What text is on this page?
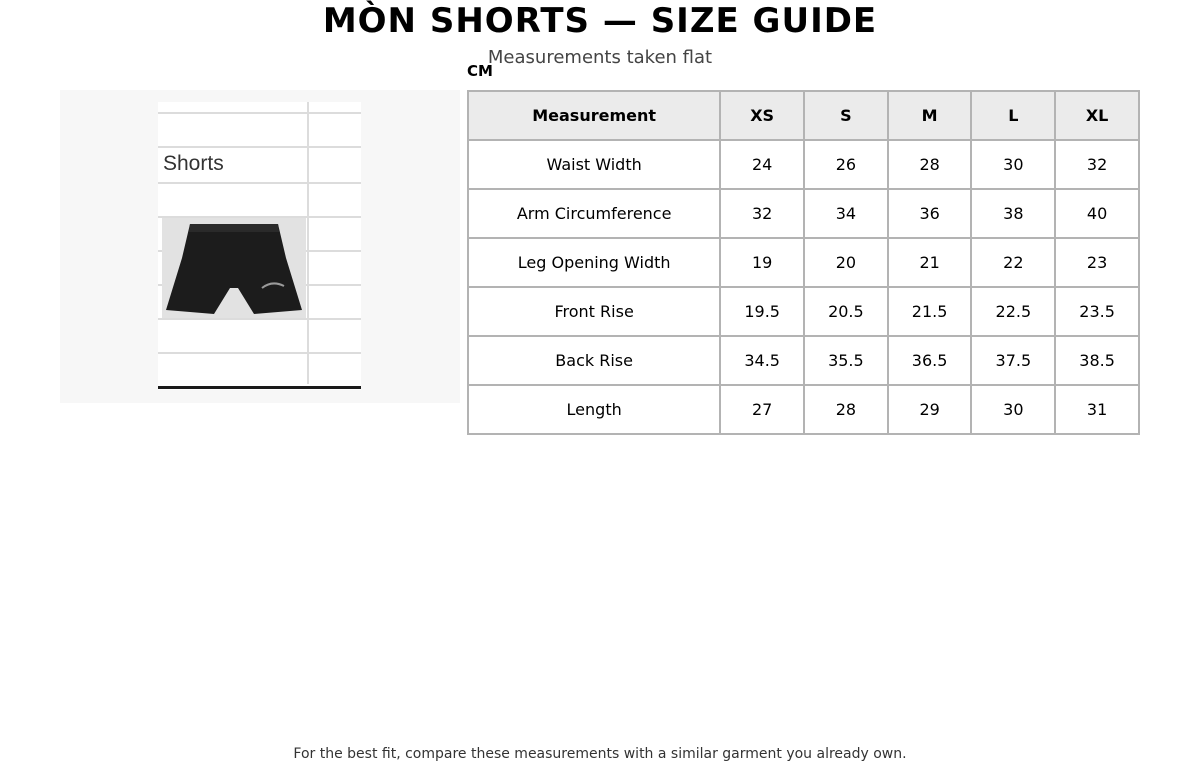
MÒN SHORTS — SIZE GUIDE
Measurements taken flat
CM
Shorts
Measurement	XS	S	M	L	XL
Waist Width	24	26	28	30	32
Arm Circumference	32	34	36	38	40
Leg Opening Width	19	20	21	22	23
Front Rise	19.5	20.5	21.5	22.5	23.5
Back Rise	34.5	35.5	36.5	37.5	38.5
Length	27	28	29	30	31
For the best fit, compare these measurements with a similar garment you already own.
